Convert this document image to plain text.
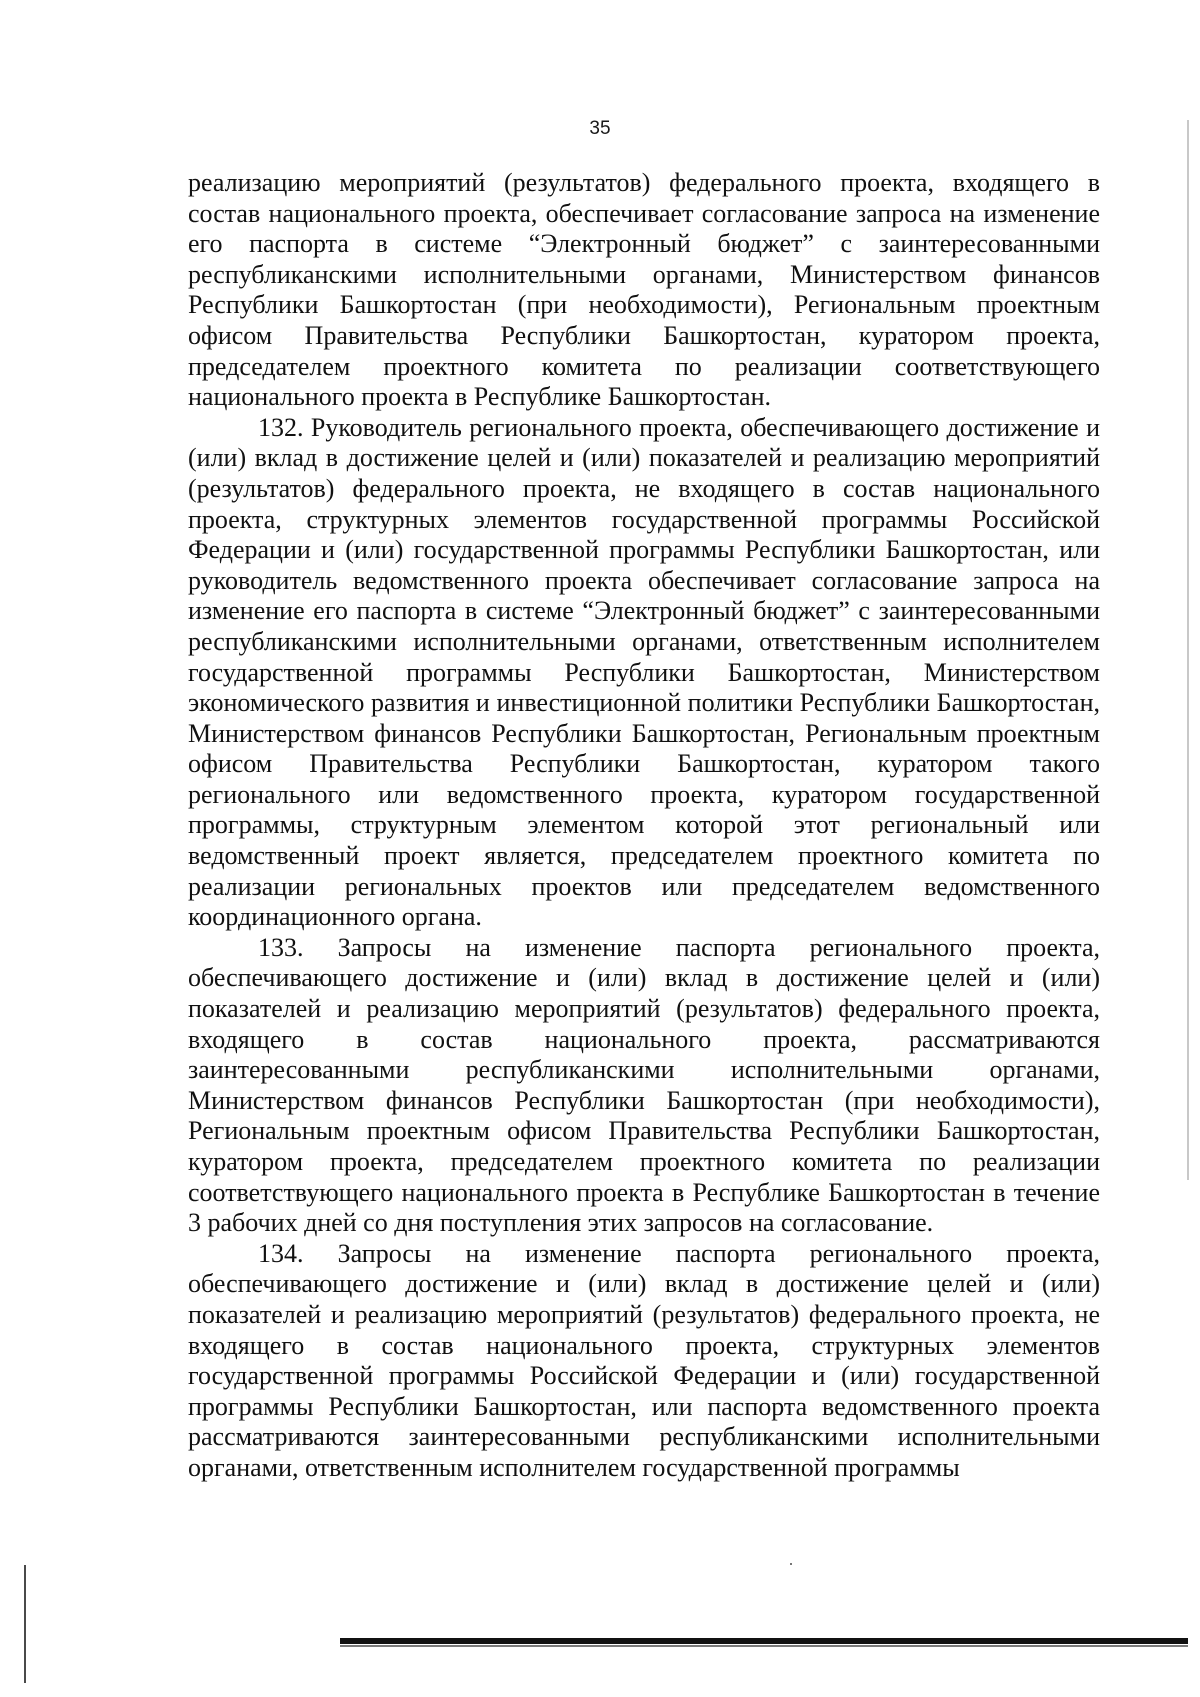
35

реализацию мероприятий (результатов) федерального проекта, входящего в состав национального проекта, обеспечивает согласование запроса на изменение его паспорта в системе “Электронный бюджет” с заинтересованными республиканскими исполнительными органами, Министерством финансов Республики Башкортостан (при необходимости), Региональным проектным офисом Правительства Республики Башкортостан, куратором проекта, председателем проектного комитета по реализации соответствующего национального проекта в Республике Башкортостан.

132. Руководитель регионального проекта, обеспечивающего достижение и (или) вклад в достижение целей и (или) показателей и реализацию мероприятий (результатов) федерального проекта, не входящего в состав национального проекта, структурных элементов государственной программы Российской Федерации и (или) государственной программы Республики Башкортостан, или руководитель ведомственного проекта обеспечивает согласование запроса на изменение его паспорта в системе “Электронный бюджет” с заинтересованными республиканскими исполнительными органами, ответственным исполнителем государственной программы Республики Башкортостан, Министерством экономического развития и инвестиционной политики Республики Башкортостан, Министерством финансов Республики Башкортостан, Региональным проектным офисом Правительства Республики Башкортостан, куратором такого регионального или ведомственного проекта, куратором государственной программы, структурным элементом которой этот региональный или ведомственный проект является, председателем проектного комитета по реализации региональных проектов или председателем ведомственного координационного органа.

133. Запросы на изменение паспорта регионального проекта, обеспечивающего достижение и (или) вклад в достижение целей и (или) показателей и реализацию мероприятий (результатов) федерального проекта, входящего в состав национального проекта, рассматриваются заинтересованными республиканскими исполнительными органами, Министерством финансов Республики Башкортостан (при необходимости), Региональным проектным офисом Правительства Республики Башкортостан, куратором проекта, председателем проектного комитета по реализации соответствующего национального проекта в Республике Башкортостан в течение 3 рабочих дней со дня поступления этих запросов на согласование.

134. Запросы на изменение паспорта регионального проекта, обеспечивающего достижение и (или) вклад в достижение целей и (или) показателей и реализацию мероприятий (результатов) федерального проекта, не входящего в состав национального проекта, структурных элементов государственной программы Российской Федерации и (или) государственной программы Республики Башкортостан, или паспорта ведомственного проекта рассматриваются заинтересованными республиканскими исполнительными органами, ответственным исполнителем государственной программы
